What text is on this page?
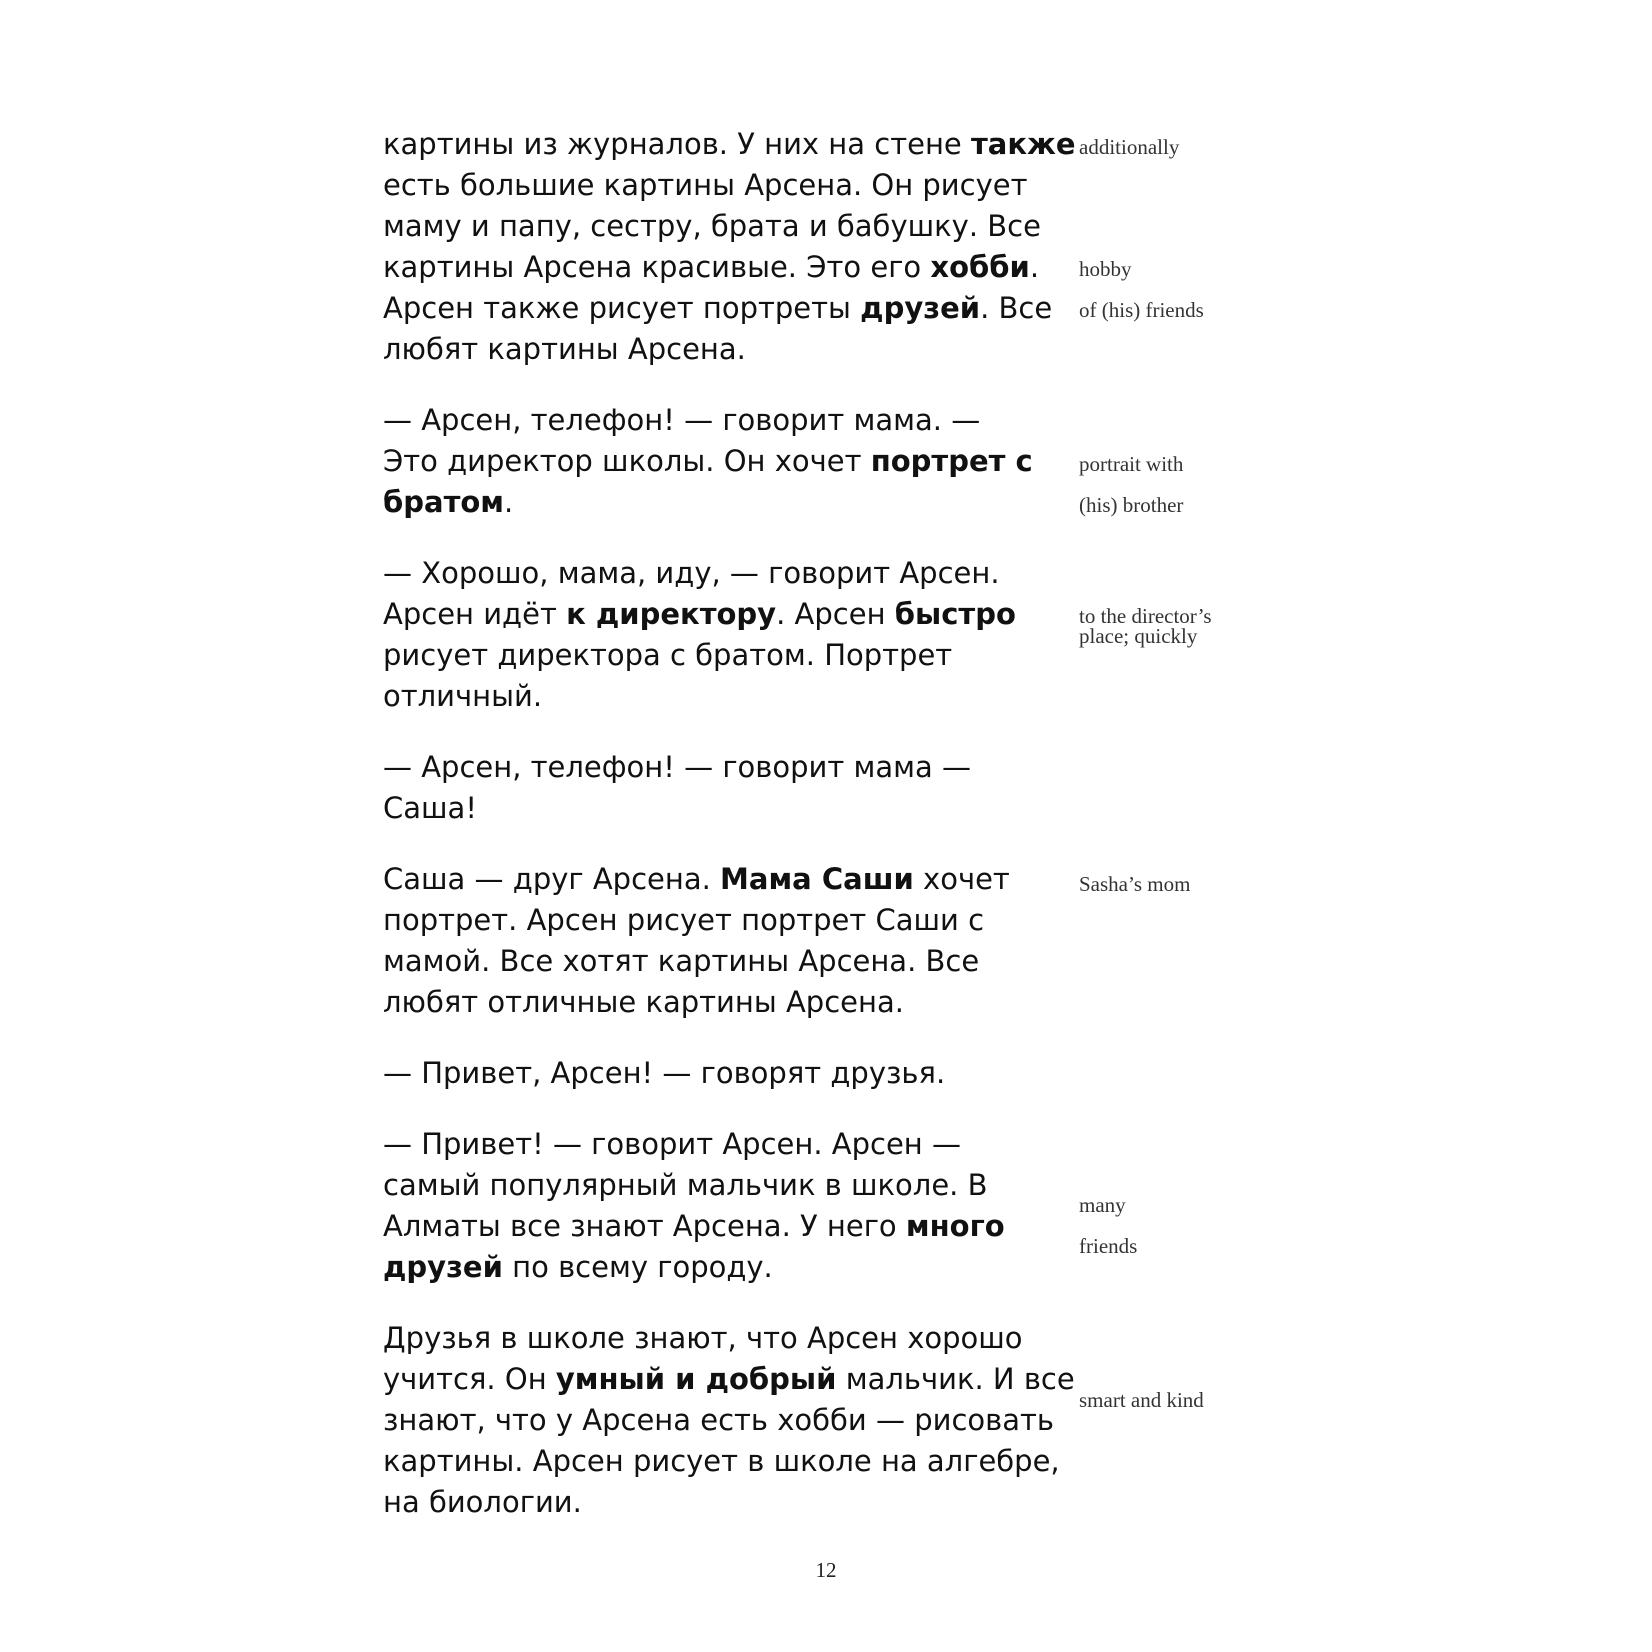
картины из журналов. У них на стене также
есть большие картины Арсена. Он рисует
маму и папу, сестру, брата и бабушку. Все
картины Арсена красивые. Это его хобби.
Арсен также рисует портреты друзей. Все
любят картины Арсена.
— Арсен, телефон! — говорит мама. —
Это директор школы. Он хочет портрет с
братом.
— Хорошо, мама, иду, — говорит Арсен.
Арсен идёт к директору. Арсен быстро
рисует директора с братом. Портрет
отличный.
— Арсен, телефон! — говорит мама —
Саша!
Саша — друг Арсена. Мама Саши хочет
портрет. Арсен рисует портрет Саши с
мамой. Все хотят картины Арсена. Все
любят отличные картины Арсена.
— Привет, Арсен! — говорят друзья.
— Привет! — говорит Арсен. Арсен —
самый популярный мальчик в школе. В
Алматы все знают Арсена. У него много
друзей по всему городу.
Друзья в школе знают, что Арсен хорошо
учится. Он умный и добрый мальчик. И все
знают, что у Арсена есть хобби — рисовать
картины. Арсен рисует в школе на алгебре,
на биологии.
additionally
hobby
of (his) friends
portrait with
(his) brother
to the director’s
place; quickly
Sasha’s mom
many
friends
smart and kind
12
